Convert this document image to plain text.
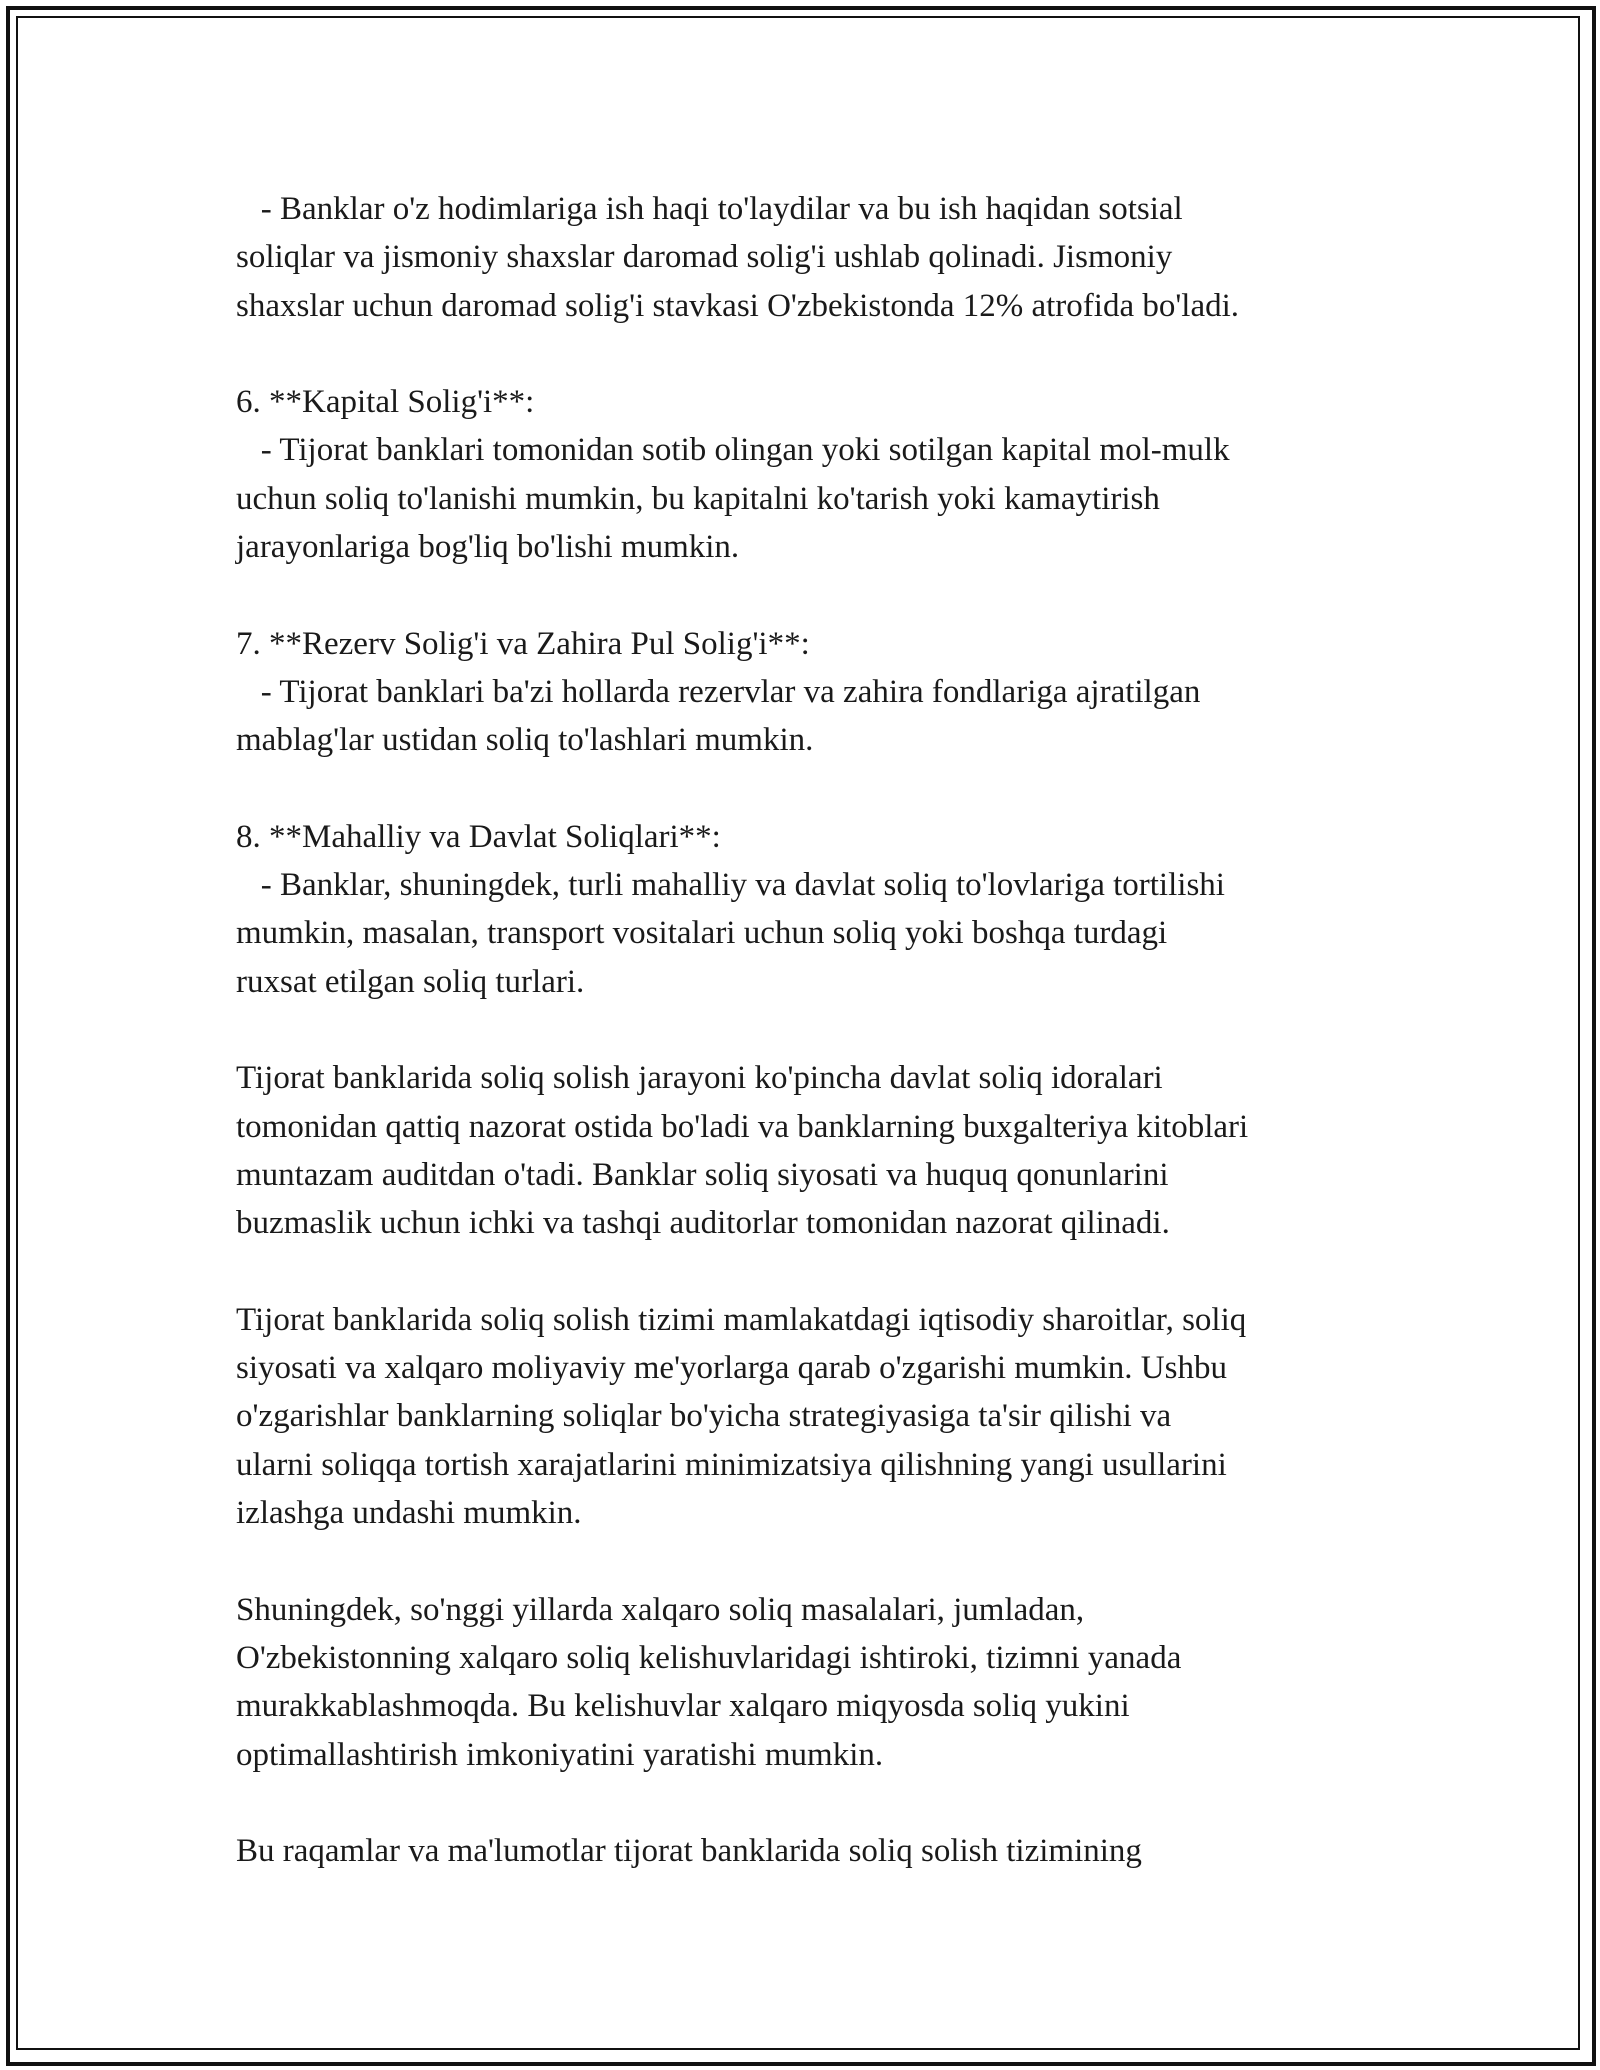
- Banklar o'z hodimlariga ish haqi to'laydilar va bu ish haqidan sotsial
soliqlar va jismoniy shaxslar daromad solig'i ushlab qolinadi. Jismoniy
shaxslar uchun daromad solig'i stavkasi O'zbekistonda 12% atrofida bo'ladi.
6. **Kapital Solig'i**:
- Tijorat banklari tomonidan sotib olingan yoki sotilgan kapital mol-mulk
uchun soliq to'lanishi mumkin, bu kapitalni ko'tarish yoki kamaytirish
jarayonlariga bog'liq bo'lishi mumkin.
7. **Rezerv Solig'i va Zahira Pul Solig'i**:
- Tijorat banklari ba'zi hollarda rezervlar va zahira fondlariga ajratilgan
mablag'lar ustidan soliq to'lashlari mumkin.
8. **Mahalliy va Davlat Soliqlari**:
- Banklar, shuningdek, turli mahalliy va davlat soliq to'lovlariga tortilishi
mumkin, masalan, transport vositalari uchun soliq yoki boshqa turdagi
ruxsat etilgan soliq turlari.
Tijorat banklarida soliq solish jarayoni ko'pincha davlat soliq idoralari
tomonidan qattiq nazorat ostida bo'ladi va banklarning buxgalteriya kitoblari
muntazam auditdan o'tadi. Banklar soliq siyosati va huquq qonunlarini
buzmaslik uchun ichki va tashqi auditorlar tomonidan nazorat qilinadi.
Tijorat banklarida soliq solish tizimi mamlakatdagi iqtisodiy sharoitlar, soliq
siyosati va xalqaro moliyaviy me'yorlarga qarab o'zgarishi mumkin. Ushbu
o'zgarishlar banklarning soliqlar bo'yicha strategiyasiga ta'sir qilishi va
ularni soliqqa tortish xarajatlarini minimizatsiya qilishning yangi usullarini
izlashga undashi mumkin.
Shuningdek, so'nggi yillarda xalqaro soliq masalalari, jumladan,
O'zbekistonning xalqaro soliq kelishuvlaridagi ishtiroki, tizimni yanada
murakkablashmoqda. Bu kelishuvlar xalqaro miqyosda soliq yukini
optimallashtirish imkoniyatini yaratishi mumkin.
Bu raqamlar va ma'lumotlar tijorat banklarida soliq solish tizimining
